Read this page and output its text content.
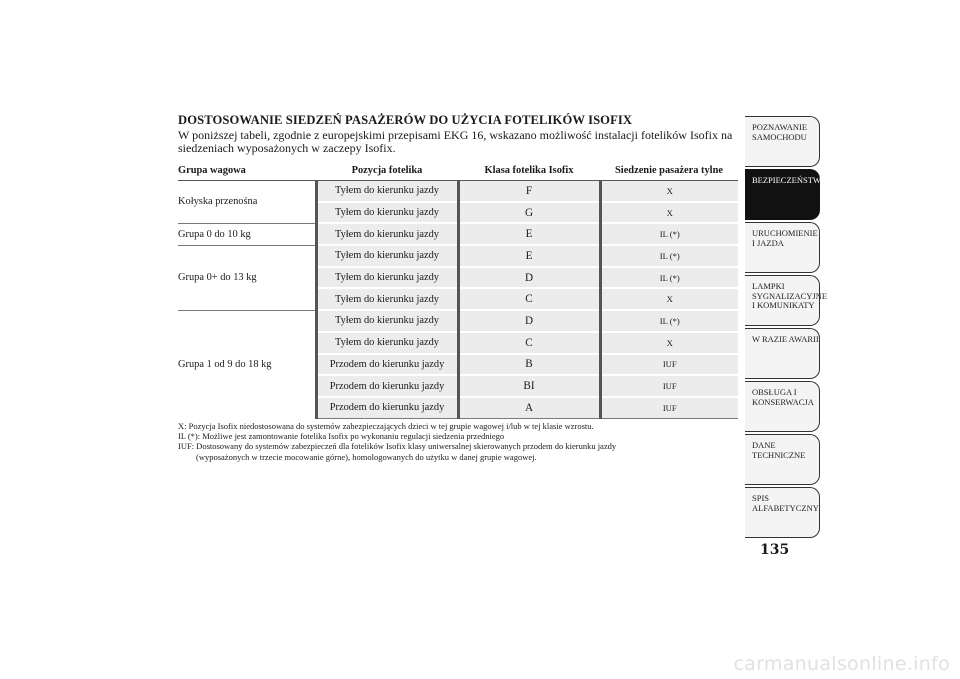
DOSTOSOWANIE SIEDZEŃ PASAŻERÓW DO UŻYCIA FOTELIKÓW ISOFIX
W poniższej tabeli, zgodnie z europejskimi przepisami EKG 16, wskazano możliwość instalacji fotelików Isofix na siedzeniach wyposażonych w zaczepy Isofix.
Grupa wagowa	Pozycja fotelika	Klasa fotelika Isofix	Siedzenie pasażera tylne
Kołyska przenośna	Tyłem do kierunku jazdy	F	X
	Tyłem do kierunku jazdy	G	X
Grupa 0 do 10 kg	Tyłem do kierunku jazdy	E	IL (*)
Grupa 0+ do 13 kg	Tyłem do kierunku jazdy	E	IL (*)
	Tyłem do kierunku jazdy	D	IL (*)
	Tyłem do kierunku jazdy	C	X
Grupa 1 od 9 do 18 kg	Tyłem do kierunku jazdy	D	IL (*)
	Tyłem do kierunku jazdy	C	X
	Przodem do kierunku jazdy	B	IUF
	Przodem do kierunku jazdy	BI	IUF
	Przodem do kierunku jazdy	A	IUF
X: Pozycja Isofix niedostosowana do systemów zabezpieczających dzieci w tej grupie wagowej i/lub w tej klasie wzrostu.
IL (*): Możliwe jest zamontowanie fotelika Isofix po wykonaniu regulacji siedzenia przedniego
IUF: Dostosowany do systemów zabezpieczeń dla fotelików Isofix klasy uniwersalnej skierowanych przodem do kierunku jazdy
(wyposażonych w trzecie mocowanie górne), homologowanych do użytku w danej grupie wagowej.
POZNAWANIE SAMOCHODU
BEZPIECZEŃSTWO
URUCHOMIENIE I JAZDA
LAMPKI SYGNALIZACYJNE I KOMUNIKATY
W RAZIE AWARII
OBSŁUGA I KONSERWACJA
DANE TECHNICZNE
SPIS ALFABETYCZNY
135
carmanualsonline.info
